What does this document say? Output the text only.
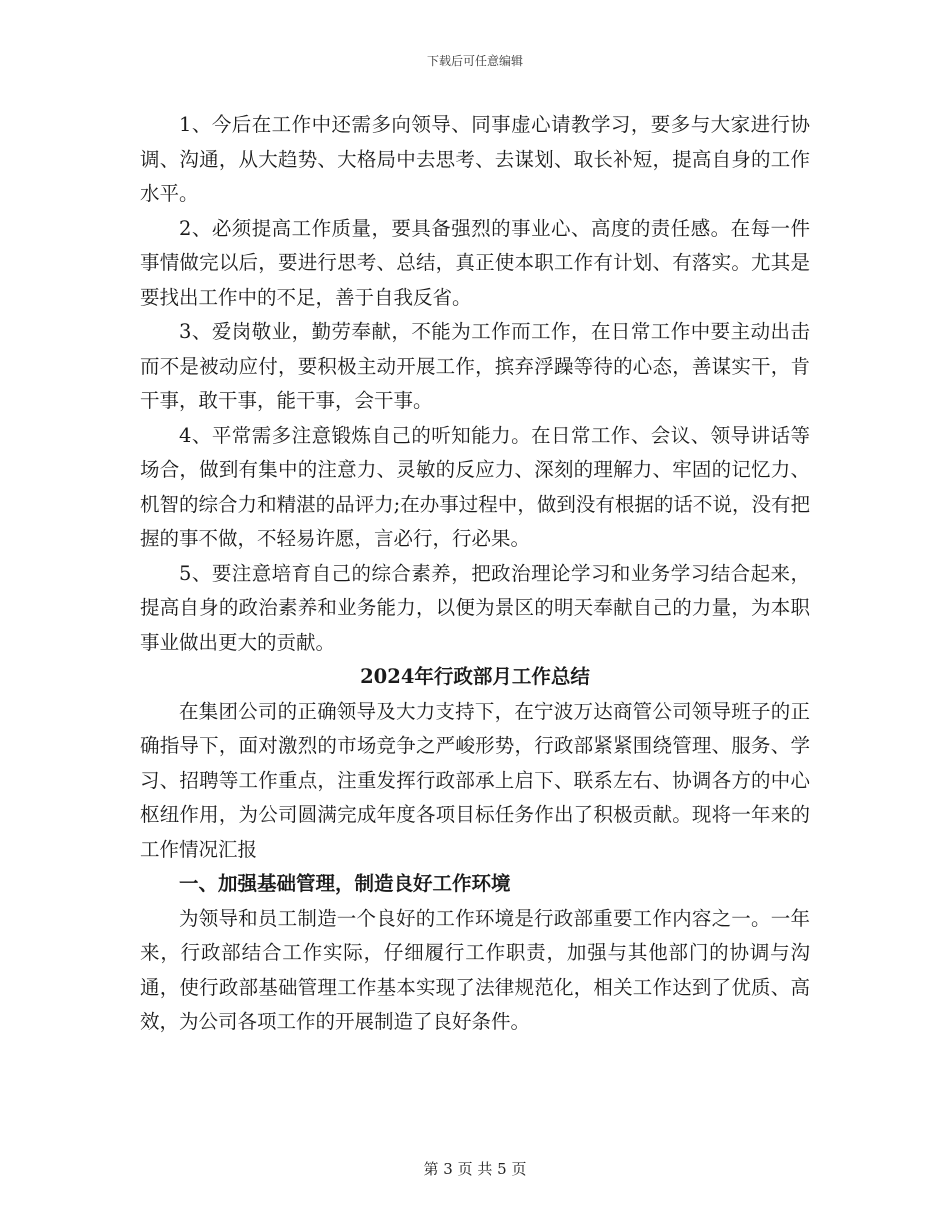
下载后可任意编辑

1、今后在工作中还需多向领导、同事虚心请教学习，要多与大家进行协调、沟通，从大趋势、大格局中去思考、去谋划、取长补短，提高自身的工作水平。

2、必须提高工作质量，要具备强烈的事业心、高度的责任感。在每一件事情做完以后，要进行思考、总结，真正使本职工作有计划、有落实。尤其是要找出工作中的不足，善于自我反省。

3、爱岗敬业，勤劳奉献，不能为工作而工作，在日常工作中要主动出击而不是被动应付，要积极主动开展工作，摈弃浮躁等待的心态，善谋实干，肯干事，敢干事，能干事，会干事。

4、平常需多注意锻炼自己的听知能力。在日常工作、会议、领导讲话等场合，做到有集中的注意力、灵敏的反应力、深刻的理解力、牢固的记忆力、机智的综合力和精湛的品评力;在办事过程中，做到没有根据的话不说，没有把握的事不做，不轻易许愿，言必行，行必果。

5、要注意培育自己的综合素养，把政治理论学习和业务学习结合起来，提高自身的政治素养和业务能力，以便为景区的明天奉献自己的力量，为本职事业做出更大的贡献。

2024年行政部月工作总结

在集团公司的正确领导及大力支持下，在宁波万达商管公司领导班子的正确指导下，面对激烈的市场竞争之严峻形势，行政部紧紧围绕管理、服务、学习、招聘等工作重点，注重发挥行政部承上启下、联系左右、协调各方的中心枢纽作用，为公司圆满完成年度各项目标任务作出了积极贡献。现将一年来的工作情况汇报

一、加强基础管理，制造良好工作环境

为领导和员工制造一个良好的工作环境是行政部重要工作内容之一。一年来，行政部结合工作实际，仔细履行工作职责，加强与其他部门的协调与沟通，使行政部基础管理工作基本实现了法律规范化，相关工作达到了优质、高效，为公司各项工作的开展制造了良好条件。

第 3 页 共 5 页
